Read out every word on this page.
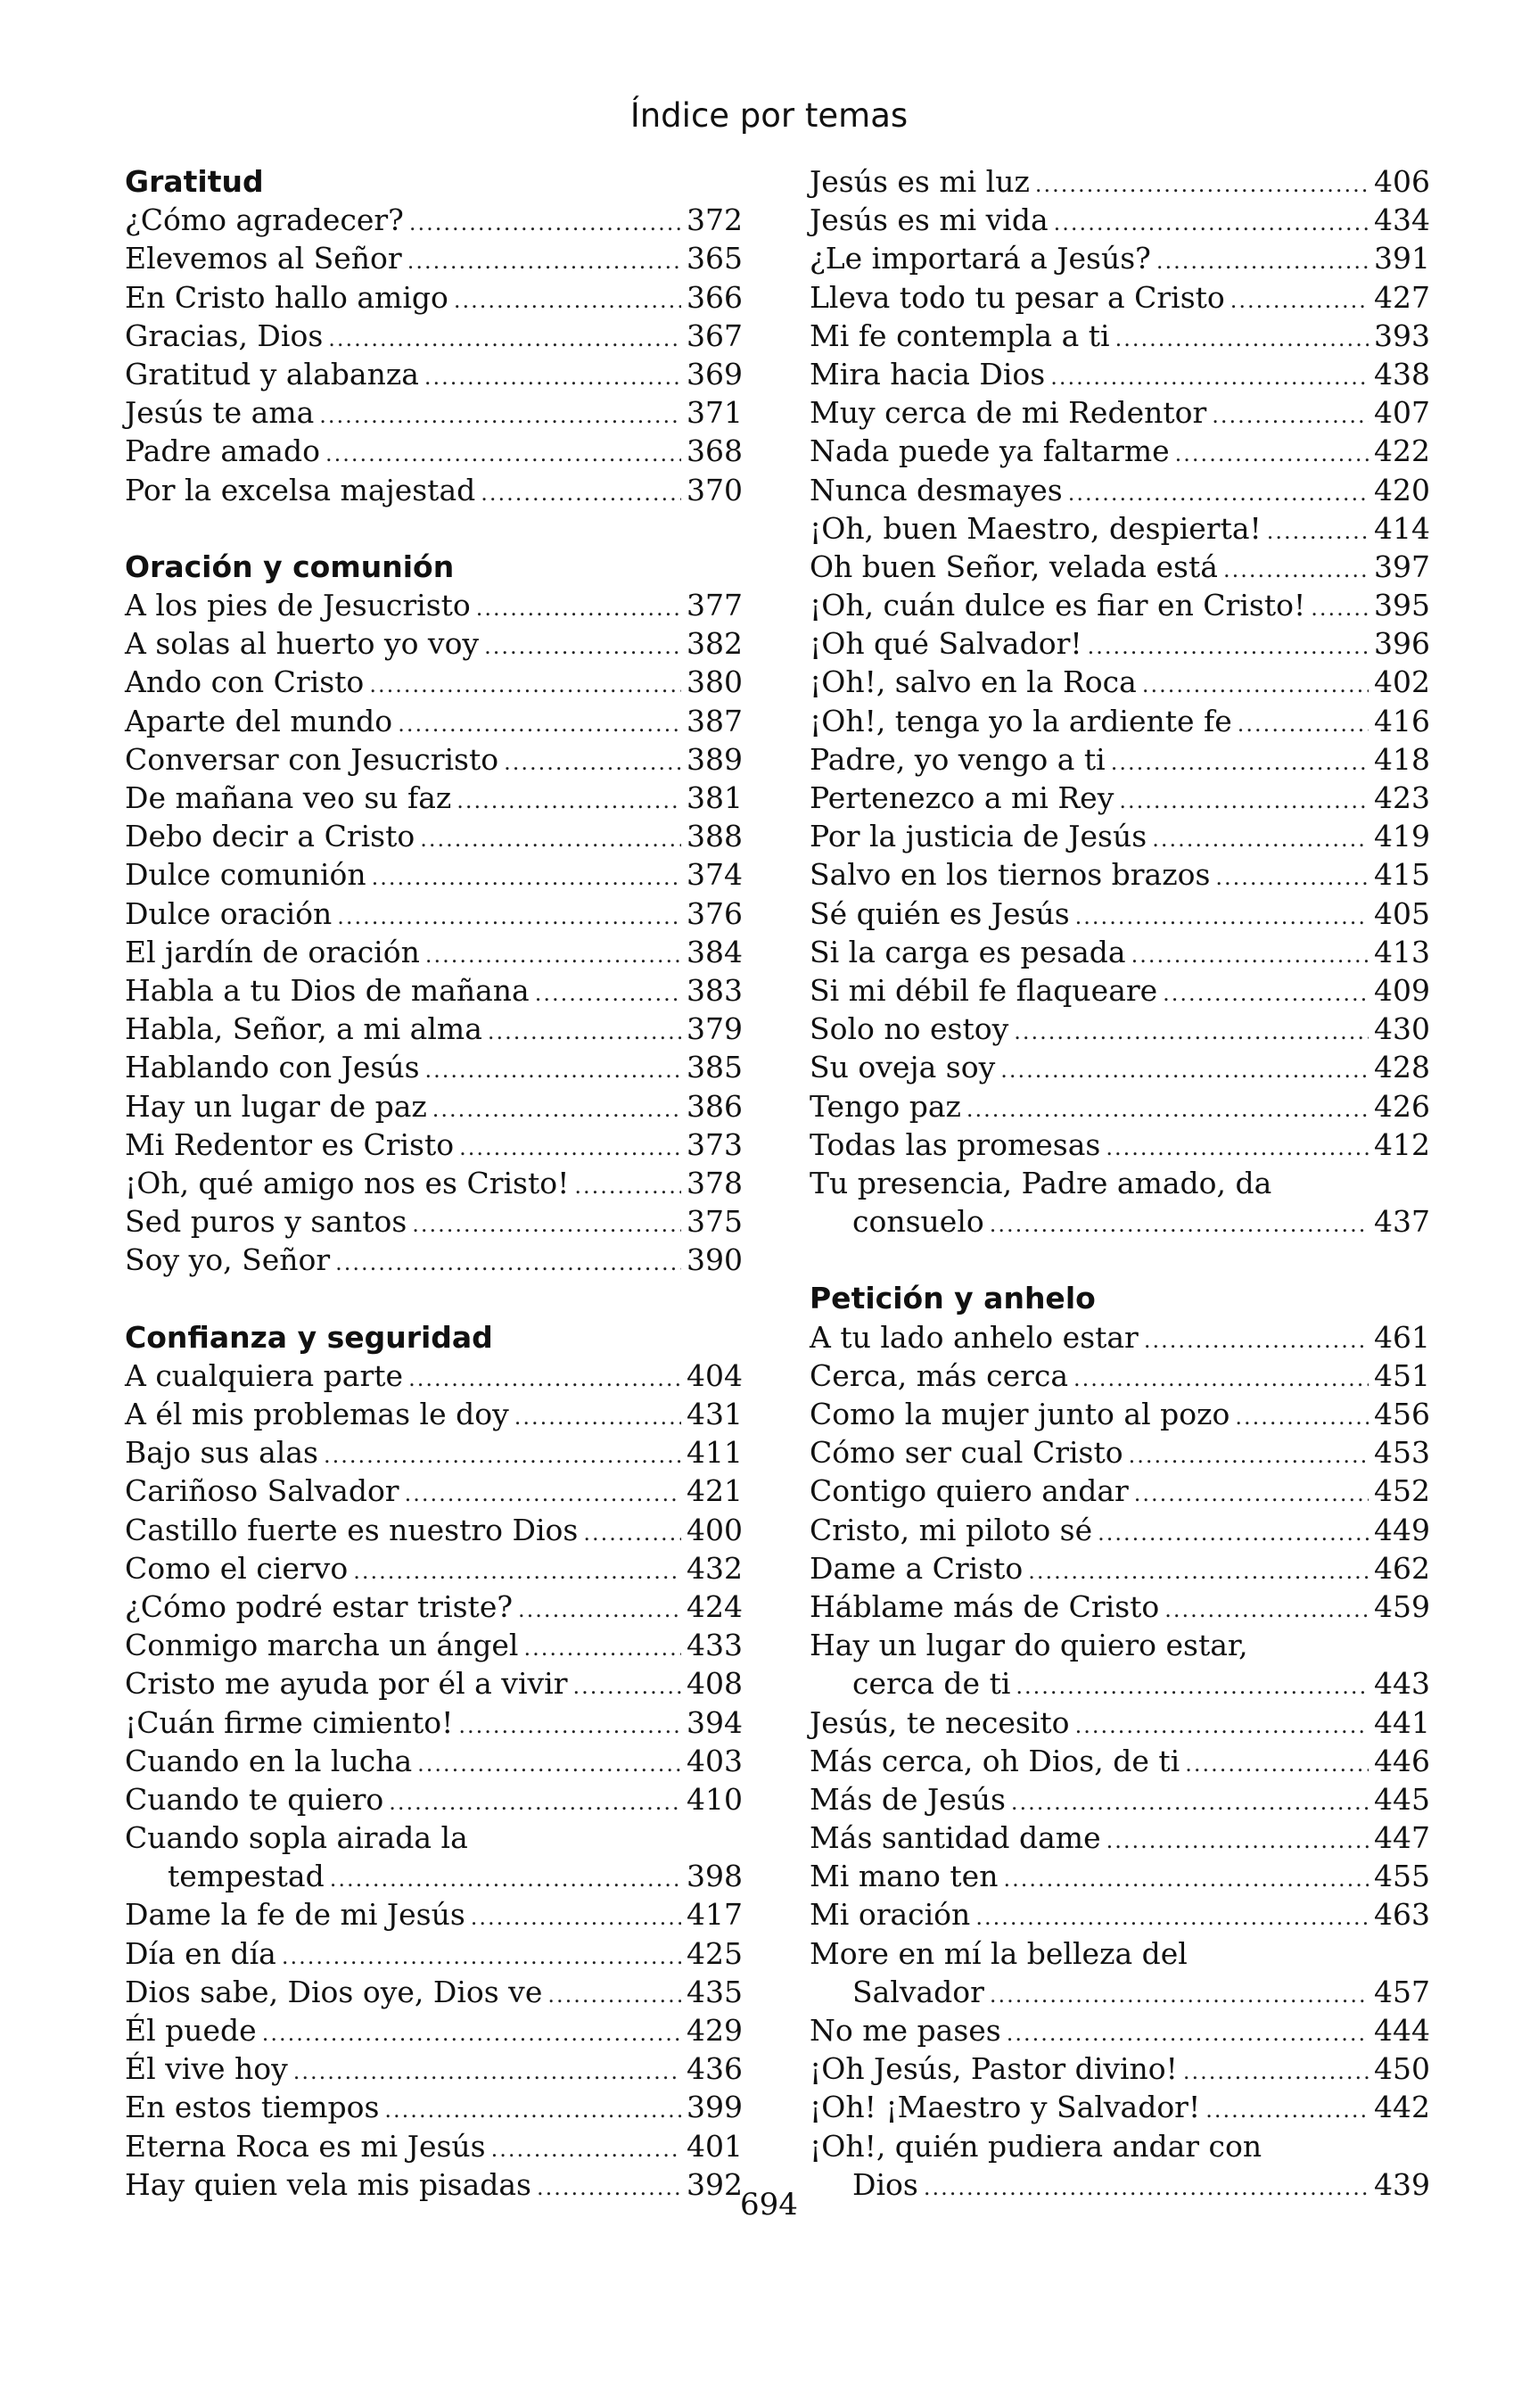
Índice por temas
Gratitud
¿Cómo agradecer? .....	372
Elevemos al Señor .....	365
En Cristo hallo amigo .....	366
Gracias, Dios .....	367
Gratitud y alabanza .....	369
Jesús te ama .....	371
Padre amado .....	368
Por la excelsa majestad .....	370
Oración y comunión
A los pies de Jesucristo .....	377
A solas al huerto yo voy .....	382
Ando con Cristo .....	380
Aparte del mundo .....	387
Conversar con Jesucristo .....	389
De mañana veo su faz .....	381
Debo decir a Cristo .....	388
Dulce comunión .....	374
Dulce oración .....	376
El jardín de oración .....	384
Habla a tu Dios de mañana .....	383
Habla, Señor, a mi alma .....	379
Hablando con Jesús .....	385
Hay un lugar de paz .....	386
Mi Redentor es Cristo .....	373
¡Oh, qué amigo nos es Cristo! .....	378
Sed puros y santos .....	375
Soy yo, Señor .....	390
Confianza y seguridad
A cualquiera parte .....	404
A él mis problemas le doy .....	431
Bajo sus alas .....	411
Cariñoso Salvador .....	421
Castillo fuerte es nuestro Dios .....	400
Como el ciervo .....	432
¿Cómo podré estar triste? .....	424
Conmigo marcha un ángel .....	433
Cristo me ayuda por él a vivir .....	408
¡Cuán firme cimiento! .....	394
Cuando en la lucha .....	403
Cuando te quiero .....	410
Cuando sopla airada la
tempestad .....	398
Dame la fe de mi Jesús .....	417
Día en día .....	425
Dios sabe, Dios oye, Dios ve .....	435
Él puede .....	429
Él vive hoy .....	436
En estos tiempos .....	399
Eterna Roca es mi Jesús .....	401
Hay quien vela mis pisadas .....	392
Jesús es mi luz .....	406
Jesús es mi vida .....	434
¿Le importará a Jesús? .....	391
Lleva todo tu pesar a Cristo .....	427
Mi fe contempla a ti .....	393
Mira hacia Dios .....	438
Muy cerca de mi Redentor .....	407
Nada puede ya faltarme .....	422
Nunca desmayes .....	420
¡Oh, buen Maestro, despierta! .....	414
Oh buen Señor, velada está .....	397
¡Oh, cuán dulce es fiar en Cristo! ..... 395
¡Oh qué Salvador! .....	396
¡Oh!, salvo en la Roca .....	402
¡Oh!, tenga yo la ardiente fe .....	416
Padre, yo vengo a ti .....	418
Pertenezco a mi Rey .....	423
Por la justicia de Jesús .....	419
Salvo en los tiernos brazos .....	415
Sé quién es Jesús .....	405
Si la carga es pesada .....	413
Si mi débil fe flaqueare .....	409
Solo no estoy .....	430
Su oveja soy .....	428
Tengo paz .....	426
Todas las promesas .....	412
Tu presencia, Padre amado, da
consuelo .....	437
Petición y anhelo
A tu lado anhelo estar .....	461
Cerca, más cerca .....	451
Como la mujer junto al pozo .....	456
Cómo ser cual Cristo .....	453
Contigo quiero andar .....	452
Cristo, mi piloto sé .....	449
Dame a Cristo .....	462
Háblame más de Cristo .....	459
Hay un lugar do quiero estar,
cerca de ti .....	443
Jesús, te necesito .....	441
Más cerca, oh Dios, de ti .....	446
Más de Jesús .....	445
Más santidad dame .....	447
Mi mano ten .....	455
Mi oración .....	463
More en mí la belleza del
Salvador .....	457
No me pases .....	444
¡Oh Jesús, Pastor divino! .....	450
¡Oh! ¡Maestro y Salvador! .....	442
¡Oh!, quién pudiera andar con
Dios .....	439
694
